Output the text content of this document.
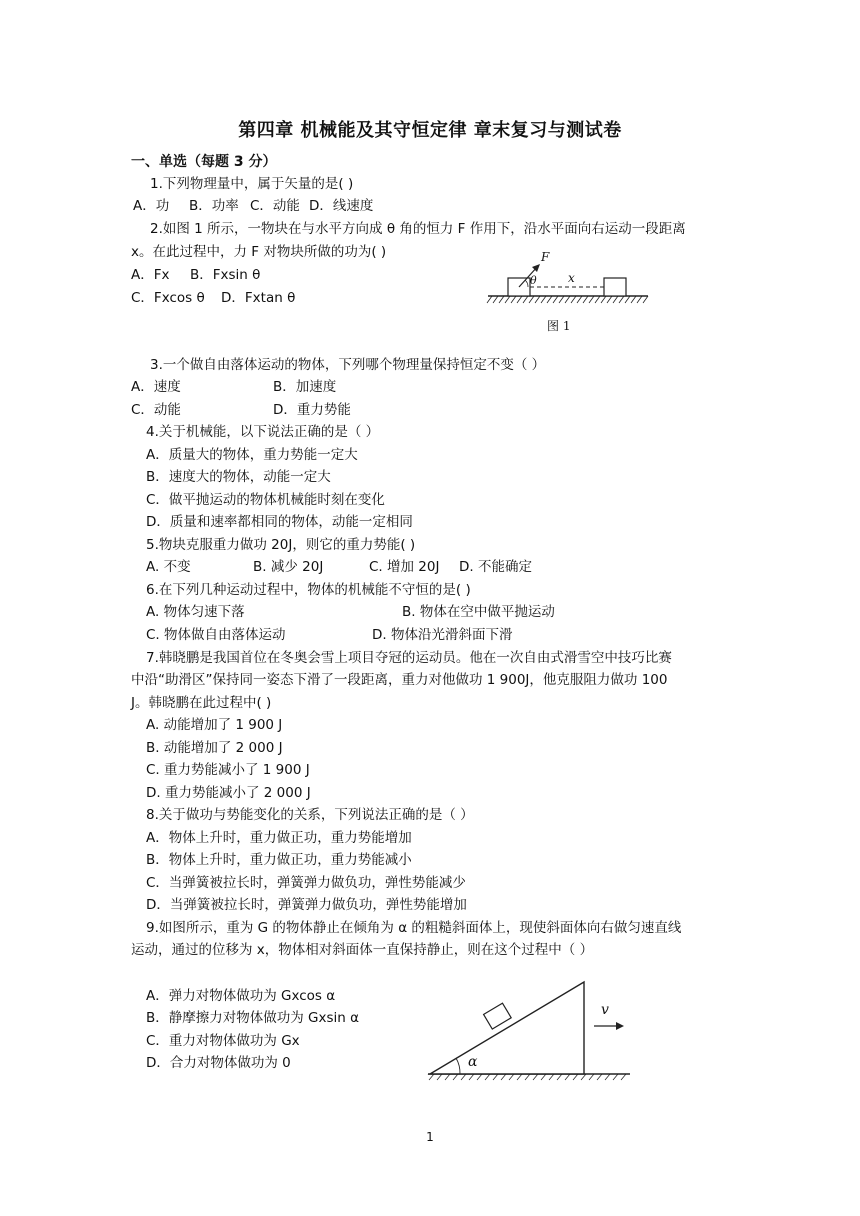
第四章 机械能及其守恒定律 章末复习与测试卷
一、单选（每题 3 分）
1.下列物理量中，属于矢量的是( )
A．功 B．功率 C．动能 D．线速度
2.如图 1 所示，一物块在与水平方向成 θ 角的恒力 F 作用下，沿水平面向右运动一段距离
x。在此过程中，力 F 对物块所做的功为( )
A．Fx B．Fxsin θ
C．Fxcos θ D．Fxtan θ
F
θ	x
图 1
3.一个做自由落体运动的物体，下列哪个物理量保持恒定不变（ ）
A．速度	B．加速度
C．动能	D．重力势能
4.关于机械能，以下说法正确的是（ ）
A．质量大的物体，重力势能一定大
B．速度大的物体，动能一定大
C．做平抛运动的物体机械能时刻在变化
D．质量和速率都相同的物体，动能一定相同
5.物块克服重力做功 20J，则它的重力势能( )
A. 不变	B. 减少 20J	C. 增加 20J D. 不能确定
6.在下列几种运动过程中，物体的机械能不守恒的是( )
A. 物体匀速下落	B. 物体在空中做平抛运动
C. 物体做自由落体运动	D. 物体沿光滑斜面下滑
7.韩晓鹏是我国首位在冬奥会雪上项目夺冠的运动员。他在一次自由式滑雪空中技巧比赛
中沿“助滑区”保持同一姿态下滑了一段距离，重力对他做功 1 900J，他克服阻力做功 100
J。韩晓鹏在此过程中( )
A. 动能增加了 1 900 J
B. 动能增加了 2 000 J
C. 重力势能减小了 1 900 J
D. 重力势能减小了 2 000 J
8.关于做功与势能变化的关系，下列说法正确的是（ ）
A．物体上升时，重力做正功，重力势能增加
B．物体上升时，重力做正功，重力势能减小
C．当弹簧被拉长时，弹簧弹力做负功，弹性势能减少
D．当弹簧被拉长时，弹簧弹力做负功，弹性势能增加
9.如图所示，重为 G 的物体静止在倾角为 α 的粗糙斜面体上，现使斜面体向右做匀速直线
运动，通过的位移为 x，物体相对斜面体一直保持静止，则在这个过程中（ ）
A．弹力对物体做功为 Gxcos α
B．静摩擦力对物体做功为 Gxsin α
C．重力对物体做功为 Gx
D．合力对物体做功为 0
v
α
1
